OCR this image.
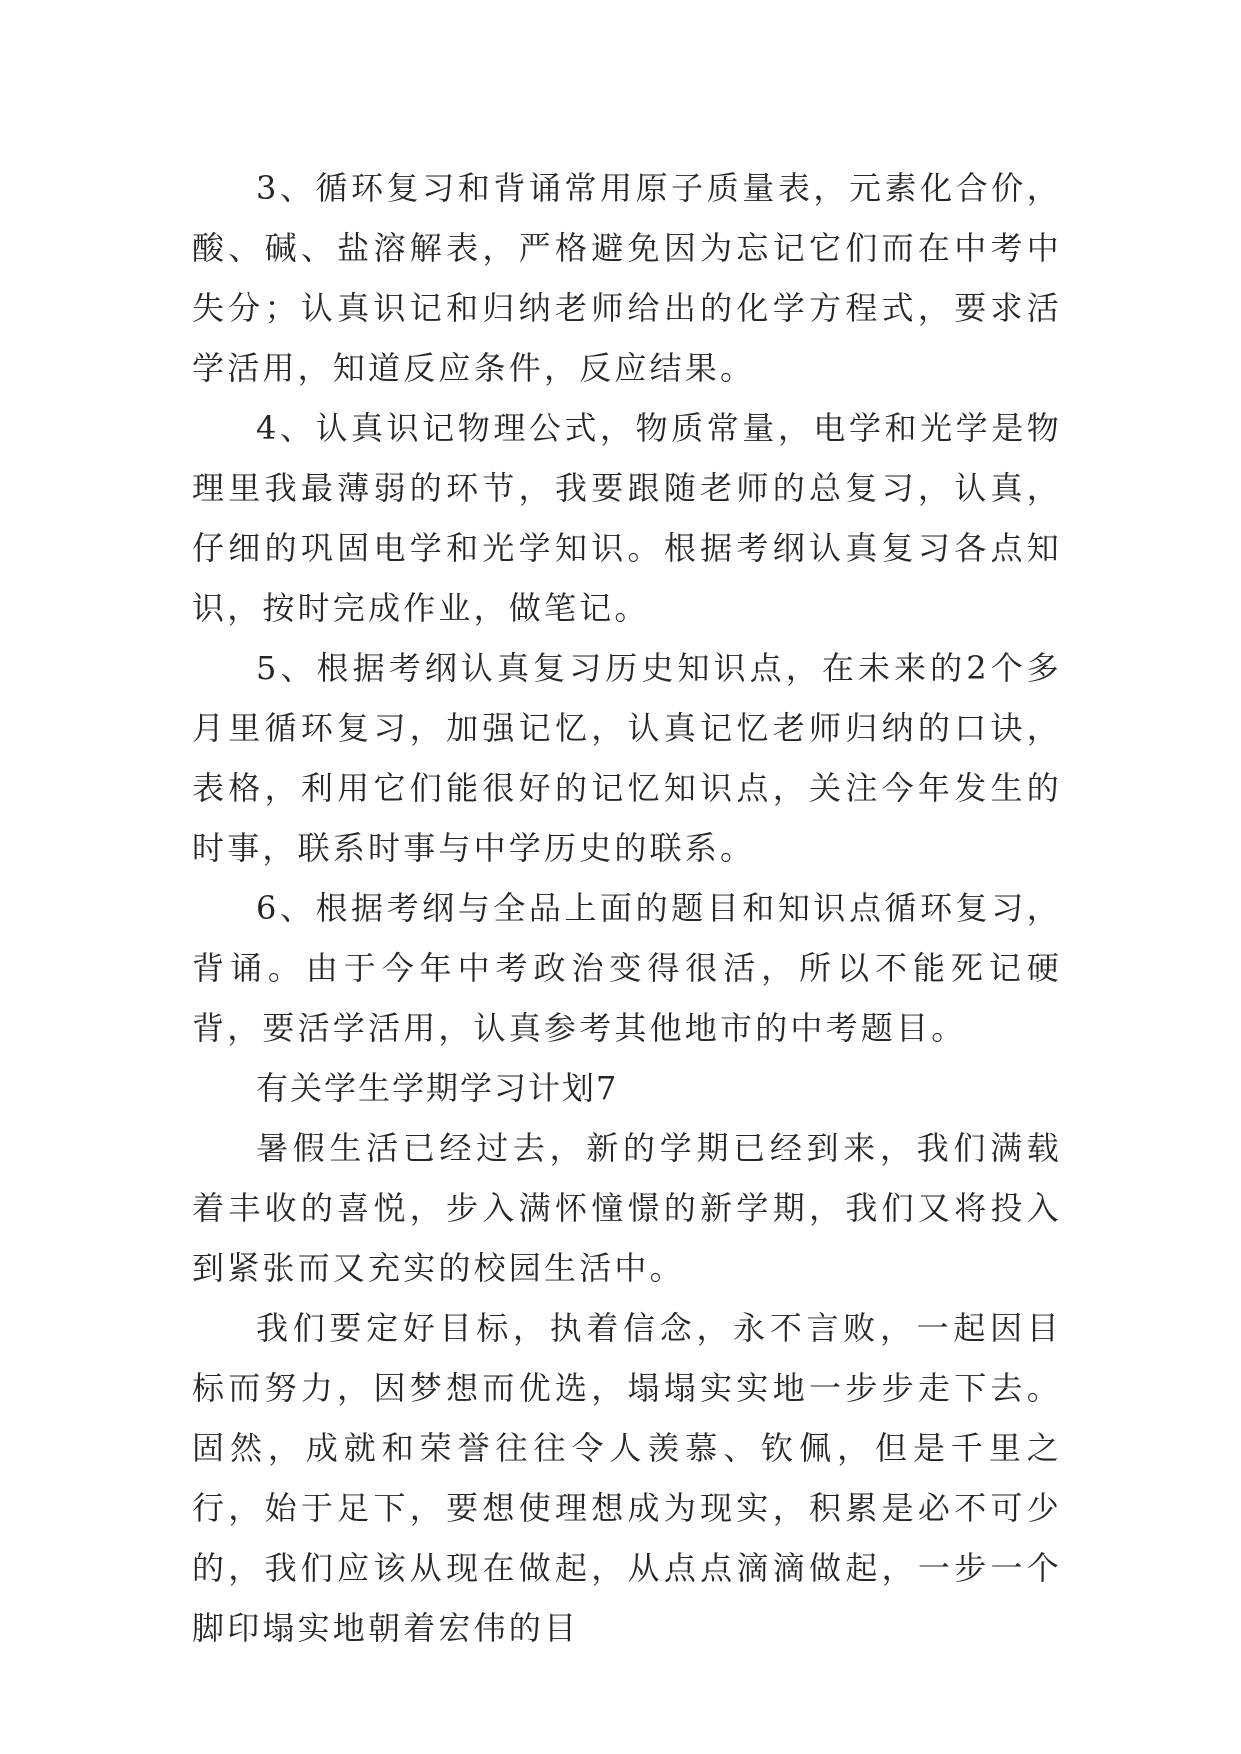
3、循环复习和背诵常用原子质量表，元素化合价，酸、碱、盐溶解表，严格避免因为忘记它们而在中考中失分；认真识记和归纳老师给出的化学方程式，要求活学活用，知道反应条件，反应结果。

4、认真识记物理公式，物质常量，电学和光学是物理里我最薄弱的环节，我要跟随老师的总复习，认真，仔细的巩固电学和光学知识。根据考纲认真复习各点知识，按时完成作业，做笔记。

5、根据考纲认真复习历史知识点，在未来的2个多月里循环复习，加强记忆，认真记忆老师归纳的口诀，表格，利用它们能很好的记忆知识点，关注今年发生的时事，联系时事与中学历史的联系。

6、根据考纲与全品上面的题目和知识点循环复习，背诵。由于今年中考政治变得很活，所以不能死记硬背，要活学活用，认真参考其他地市的中考题目。

有关学生学期学习计划7

暑假生活已经过去，新的学期已经到来，我们满载着丰收的喜悦，步入满怀憧憬的新学期，我们又将投入到紧张而又充实的校园生活中。

我们要定好目标，执着信念，永不言败，一起因目标而努力，因梦想而优选，塌塌实实地一步步走下去。固然，成就和荣誉往往令人羡慕、钦佩，但是千里之行，始于足下，要想使理想成为现实，积累是必不可少的，我们应该从现在做起，从点点滴滴做起，一步一个脚印塌实地朝着宏伟的目
